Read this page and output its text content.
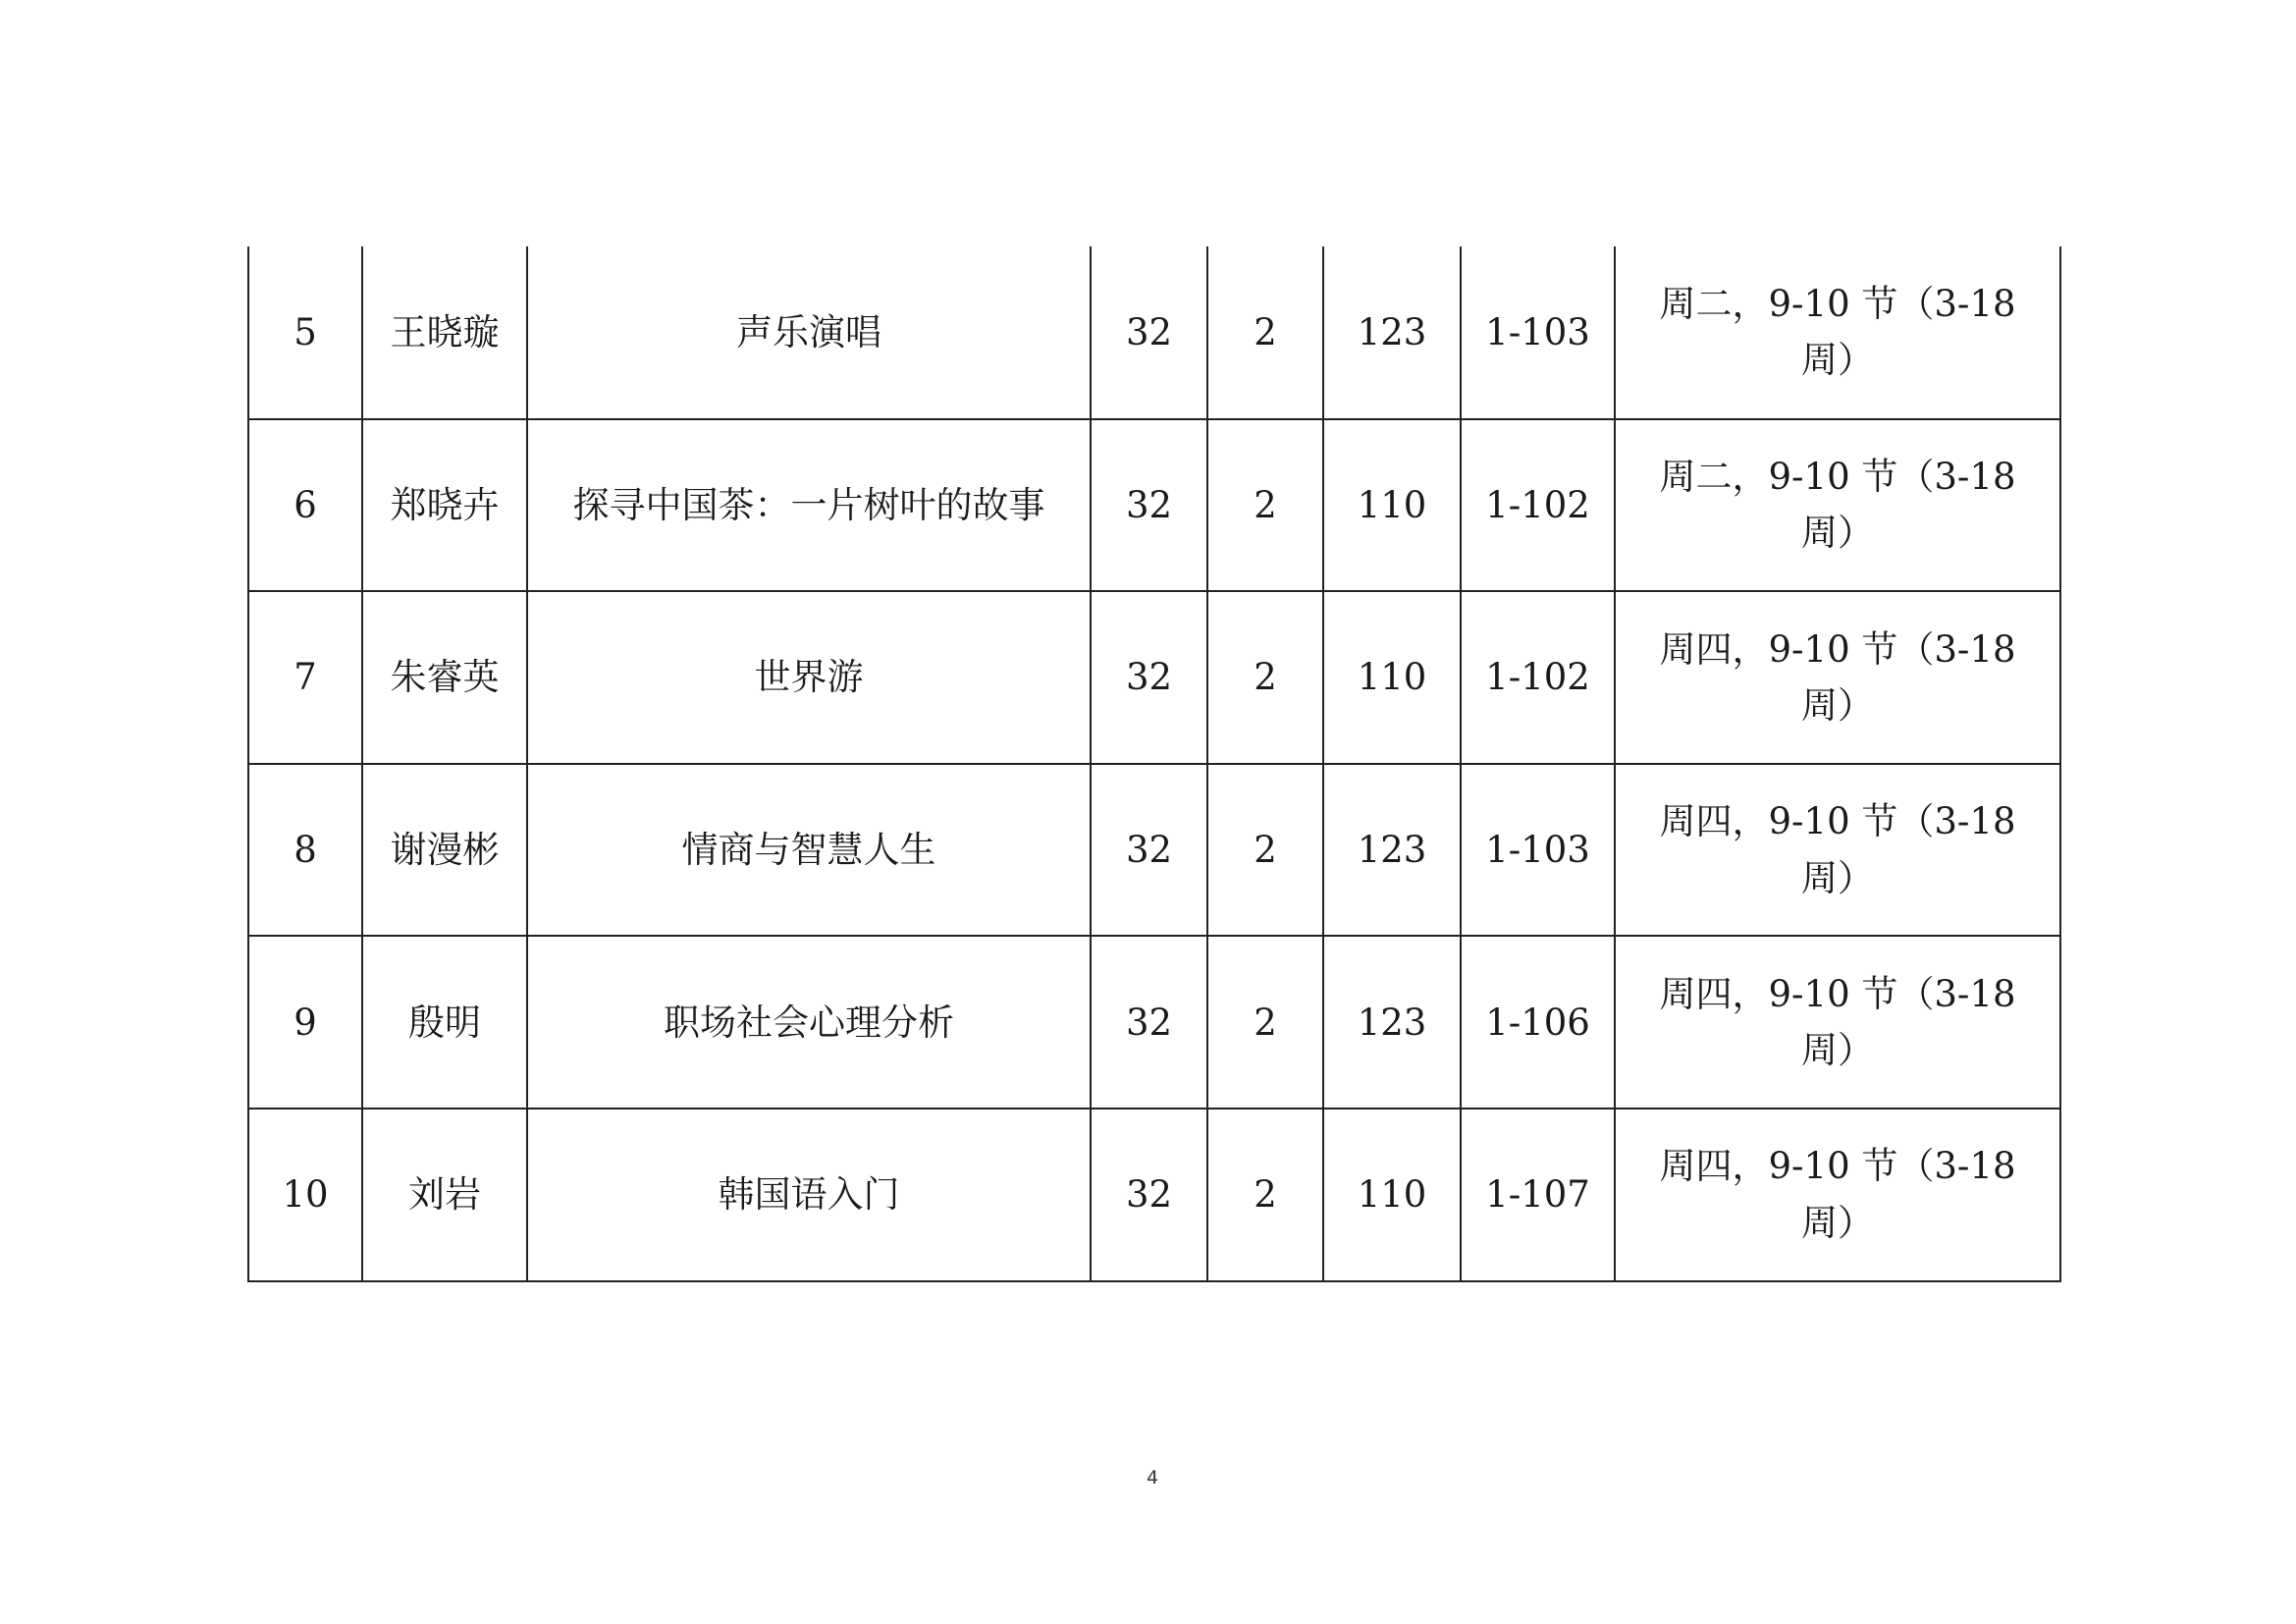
5	王晓璇	声乐演唱	32	2	123	1-103	周二，9-10 节（3-18
周）

6	郑晓卉	探寻中国茶：一片树叶的故事	32	2	110	1-102	周二，9-10 节（3-18
周）

7	朱睿英	世界游	32	2	110	1-102	周四，9-10 节（3-18
周）

8	谢漫彬	情商与智慧人生	32	2	123	1-103	周四，9-10 节（3-18
周）

9	殷明	职场社会心理分析	32	2	123	1-106	周四，9-10 节（3-18
周）

10	刘岩	韩国语入门	32	2	110	1-107	周四，9-10 节（3-18
周）
4
